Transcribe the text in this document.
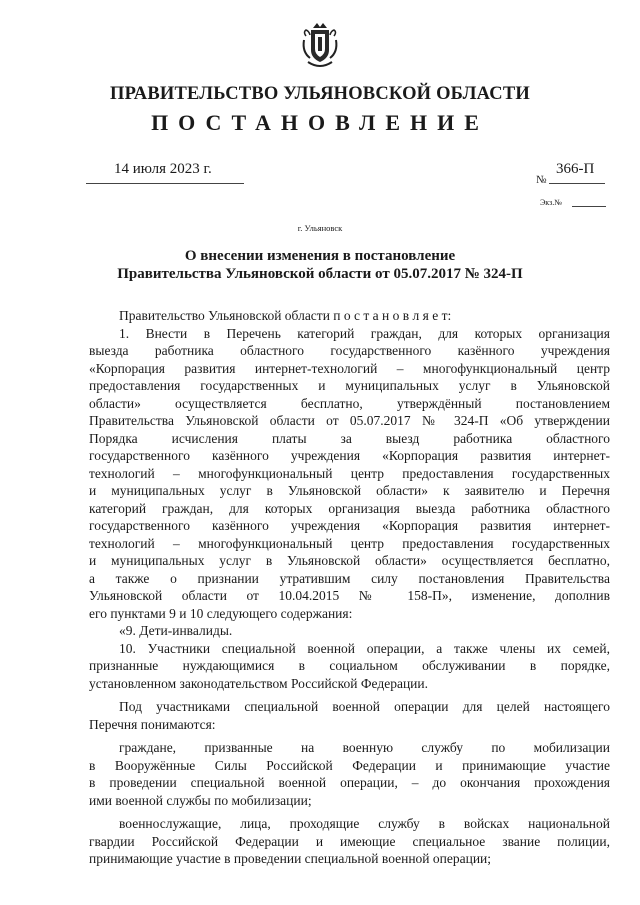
ПРАВИТЕЛЬСТВО УЛЬЯНОВСКОЙ ОБЛАСТИ
ПОСТАНОВЛЕНИЕ
14 июля 2023 г.
№
366-П
Экз.№
г. Ульяновск
О внесении изменения в постановление
Правительства Ульяновской области от 05.07.2017 № 324-П
Правительство Ульяновской области п о с т а н о в л я е т:
1. Внести в Перечень категорий граждан, для которых организация
выезда работника областного государственного казённого учреждения
«Корпорация развития интернет-технологий – многофункциональный центр
предоставления государственных и муниципальных услуг в Ульяновской
области» осуществляется бесплатно, утверждённый постановлением
Правительства Ульяновской области от 05.07.2017 № 324-П «Об утверждении
Порядка исчисления платы за выезд работника областного
государственного казённого учреждения «Корпорация развития интернет-
технологий – многофункциональный центр предоставления государственных
и муниципальных услуг в Ульяновской области» к заявителю и Перечня
категорий граждан, для которых организация выезда работника областного
государственного казённого учреждения «Корпорация развития интернет-
технологий – многофункциональный центр предоставления государственных
и муниципальных услуг в Ульяновской области» осуществляется бесплатно,
а также о признании утратившим силу постановления Правительства
Ульяновской области от 10.04.2015 № 158-П», изменение, дополнив
его пунктами 9 и 10 следующего содержания:
«9. Дети-инвалиды.
10. Участники специальной военной операции, а также члены их семей,
признанные нуждающимися в социальном обслуживании в порядке,
установленном законодательством Российской Федерации.
Под участниками специальной военной операции для целей настоящего
Перечня понимаются:
граждане, призванные на военную службу по мобилизации
в Вооружённые Силы Российской Федерации и принимающие участие
в проведении специальной военной операции, – до окончания прохождения
ими военной службы по мобилизации;
военнослужащие, лица, проходящие службу в войсках национальной
гвардии Российской Федерации и имеющие специальное звание полиции,
принимающие участие в проведении специальной военной операции;
